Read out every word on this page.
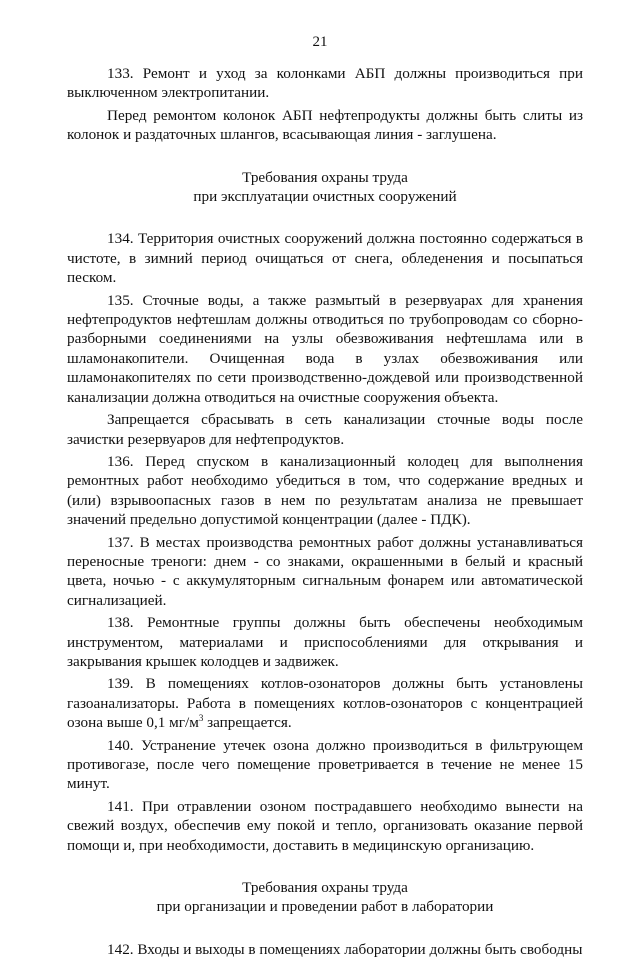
21

133. Ремонт и уход за колонками АБП должны производиться при выключенном электропитании.

Перед ремонтом колонок АБП нефтепродукты должны быть слиты из колонок и раздаточных шлангов, всасывающая линия - заглушена.

Требования охраны труда

при эксплуатации очистных сооружений

134. Территория очистных сооружений должна постоянно содержаться в чистоте, в зимний период очищаться от снега, обледенения и посыпаться песком.

135. Сточные воды, а также размытый в резервуарах для хранения нефтепродуктов нефтешлам должны отводиться по трубопроводам со сборно-разборными соединениями на узлы обезвоживания нефтешлама или в шламонакопители. Очищенная вода в узлах обезвоживания или шламонакопителях по сети производственно-дождевой или производственной канализации должна отводиться на очистные сооружения объекта.

Запрещается сбрасывать в сеть канализации сточные воды после зачистки резервуаров для нефтепродуктов.

136. Перед спуском в канализационный колодец для выполнения ремонтных работ необходимо убедиться в том, что содержание вредных и (или) взрывоопасных газов в нем по результатам анализа не превышает значений предельно допустимой концентрации (далее - ПДК).

137. В местах производства ремонтных работ должны устанавливаться переносные треноги: днем - со знаками, окрашенными в белый и красный цвета, ночью - с аккумуляторным сигнальным фонарем или автоматической сигнализацией.

138. Ремонтные группы должны быть обеспечены необходимым инструментом, материалами и приспособлениями для открывания и закрывания крышек колодцев и задвижек.

139. В помещениях котлов-озонаторов должны быть установлены газоанализаторы. Работа в помещениях котлов-озонаторов с концентрацией озона выше 0,1 $мг/м^3$ запрещается.

140. Устранение утечек озона должно производиться в фильтрующем противогазе, после чего помещение проветривается в течение не менее 15 минут.

141. При отравлении озоном пострадавшего необходимо вынести на свежий воздух, обеспечив ему покой и тепло, организовать оказание первой помощи и, при необходимости, доставить в медицинскую организацию.

Требования охраны труда

при организации и проведении работ в лаборатории

142. Входы и выходы в помещениях лаборатории должны быть свободны
